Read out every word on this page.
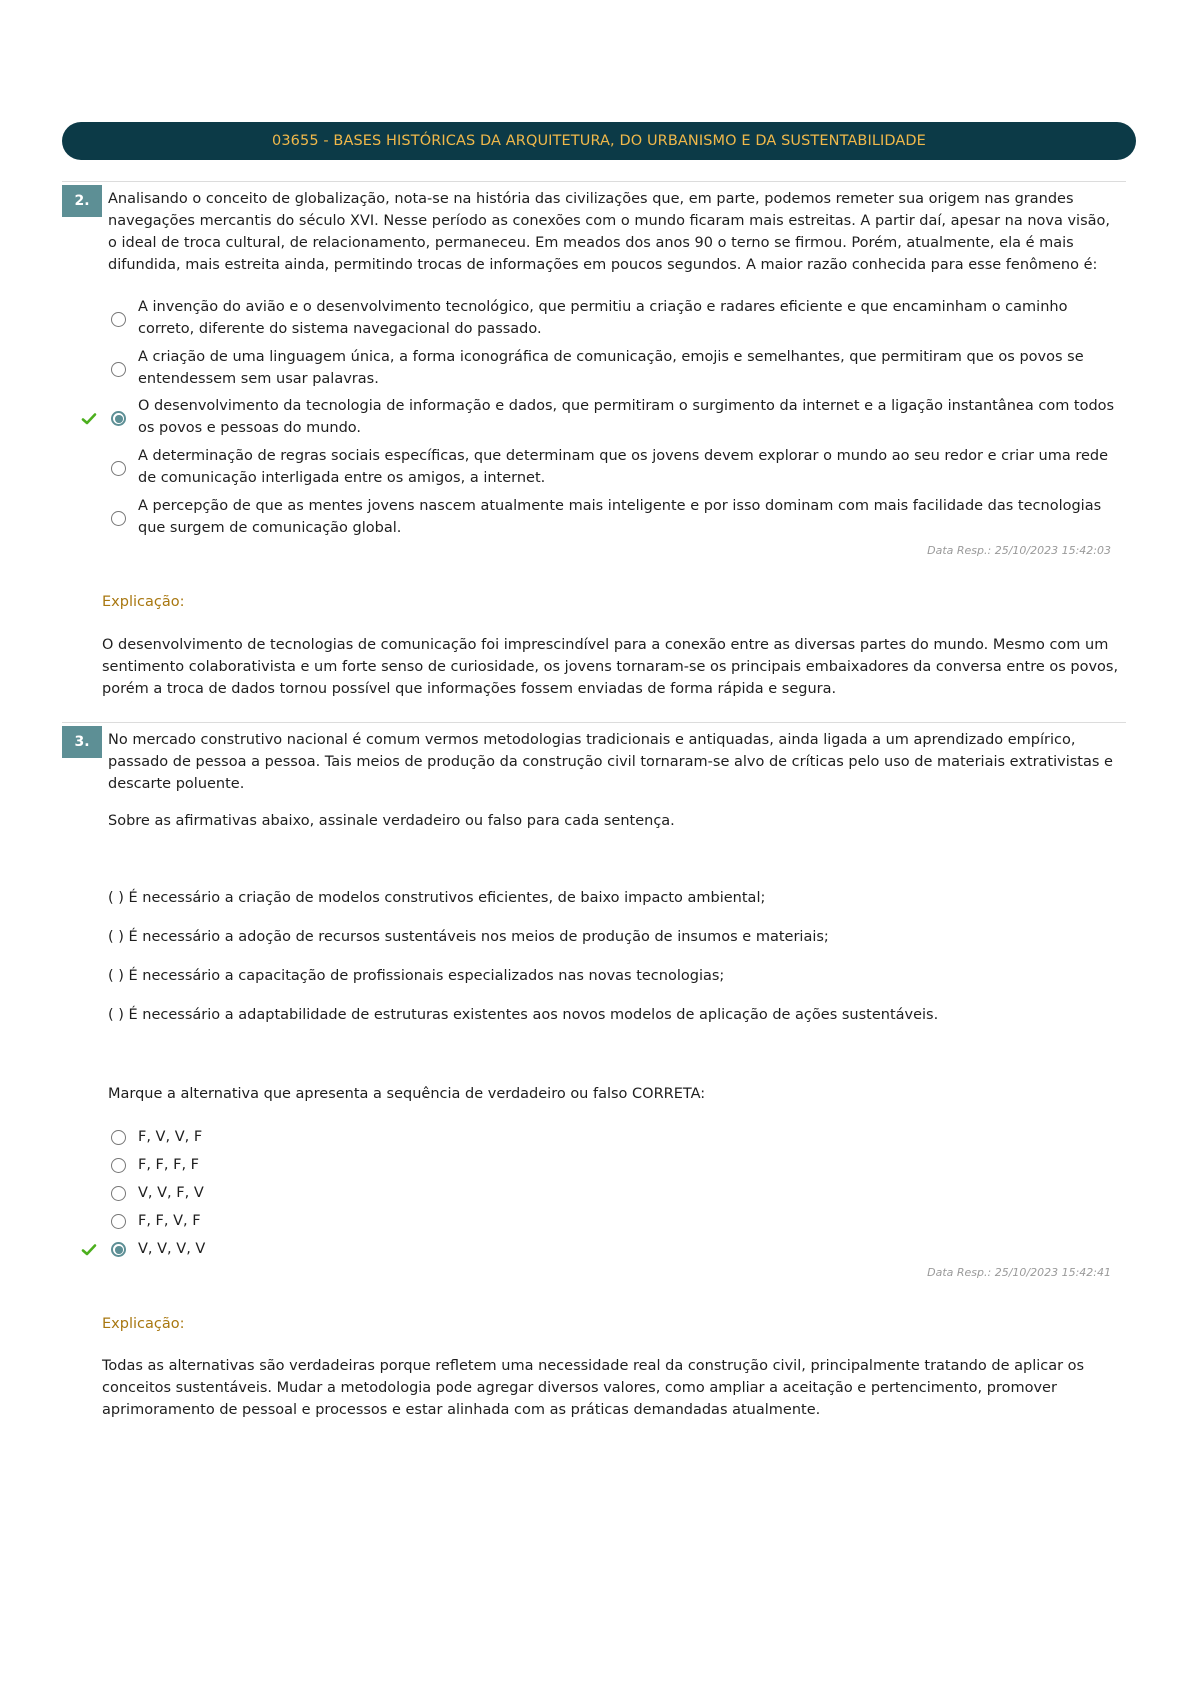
03655 - BASES HISTÓRICAS DA ARQUITETURA, DO URBANISMO E DA SUSTENTABILIDADE
2.	Analisando o conceito de globalização, nota-se na história das civilizações que, em parte, podemos remeter sua origem nas grandes navegações mercantis do século XVI. Nesse período as conexões com o mundo ficaram mais estreitas. A partir daí, apesar na nova visão, o ideal de troca cultural, de relacionamento, permaneceu. Em meados dos anos 90 o terno se firmou. Porém, atualmente, ela é mais difundida, mais estreita ainda, permitindo trocas de informações em poucos segundos. A maior razão conhecida para esse fenômeno é:
A invenção do avião e o desenvolvimento tecnológico, que permitiu a criação e radares eficiente e que encaminham o caminho correto, diferente do sistema navegacional do passado.
A criação de uma linguagem única, a forma iconográfica de comunicação, emojis e semelhantes, que permitiram que os povos se entendessem sem usar palavras.
O desenvolvimento da tecnologia de informação e dados, que permitiram o surgimento da internet e a ligação instantânea com todos os povos e pessoas do mundo.
A determinação de regras sociais específicas, que determinam que os jovens devem explorar o mundo ao seu redor e criar uma rede de comunicação interligada entre os amigos, a internet.
A percepção de que as mentes jovens nascem atualmente mais inteligente e por isso dominam com mais facilidade das tecnologias que surgem de comunicação global.
Data Resp.: 25/10/2023 15:42:03
Explicação:
O desenvolvimento de tecnologias de comunicação foi imprescindível para a conexão entre as diversas partes do mundo. Mesmo com um sentimento colaborativista e um forte senso de curiosidade, os jovens tornaram-se os principais embaixadores da conversa entre os povos, porém a troca de dados tornou possível que informações fossem enviadas de forma rápida e segura.
3.	No mercado construtivo nacional é comum vermos metodologias tradicionais e antiquadas, ainda ligada a um aprendizado empírico, passado de pessoa a pessoa. Tais meios de produção da construção civil tornaram-se alvo de críticas pelo uso de materiais extrativistas e descarte poluente.
Sobre as afirmativas abaixo, assinale verdadeiro ou falso para cada sentença.
( ) É necessário a criação de modelos construtivos eficientes, de baixo impacto ambiental;
( ) É necessário a adoção de recursos sustentáveis nos meios de produção de insumos e materiais;
( ) É necessário a capacitação de profissionais especializados nas novas tecnologias;
( ) É necessário a adaptabilidade de estruturas existentes aos novos modelos de aplicação de ações sustentáveis.
Marque a alternativa que apresenta a sequência de verdadeiro ou falso CORRETA:
F, V, V, F
F, F, F, F
V, V, F, V
F, F, V, F
V, V, V, V
Data Resp.: 25/10/2023 15:42:41
Explicação:
Todas as alternativas são verdadeiras porque refletem uma necessidade real da construção civil, principalmente tratando de aplicar os conceitos sustentáveis. Mudar a metodologia pode agregar diversos valores, como ampliar a aceitação e pertencimento, promover aprimoramento de pessoal e processos e estar alinhada com as práticas demandadas atualmente.
